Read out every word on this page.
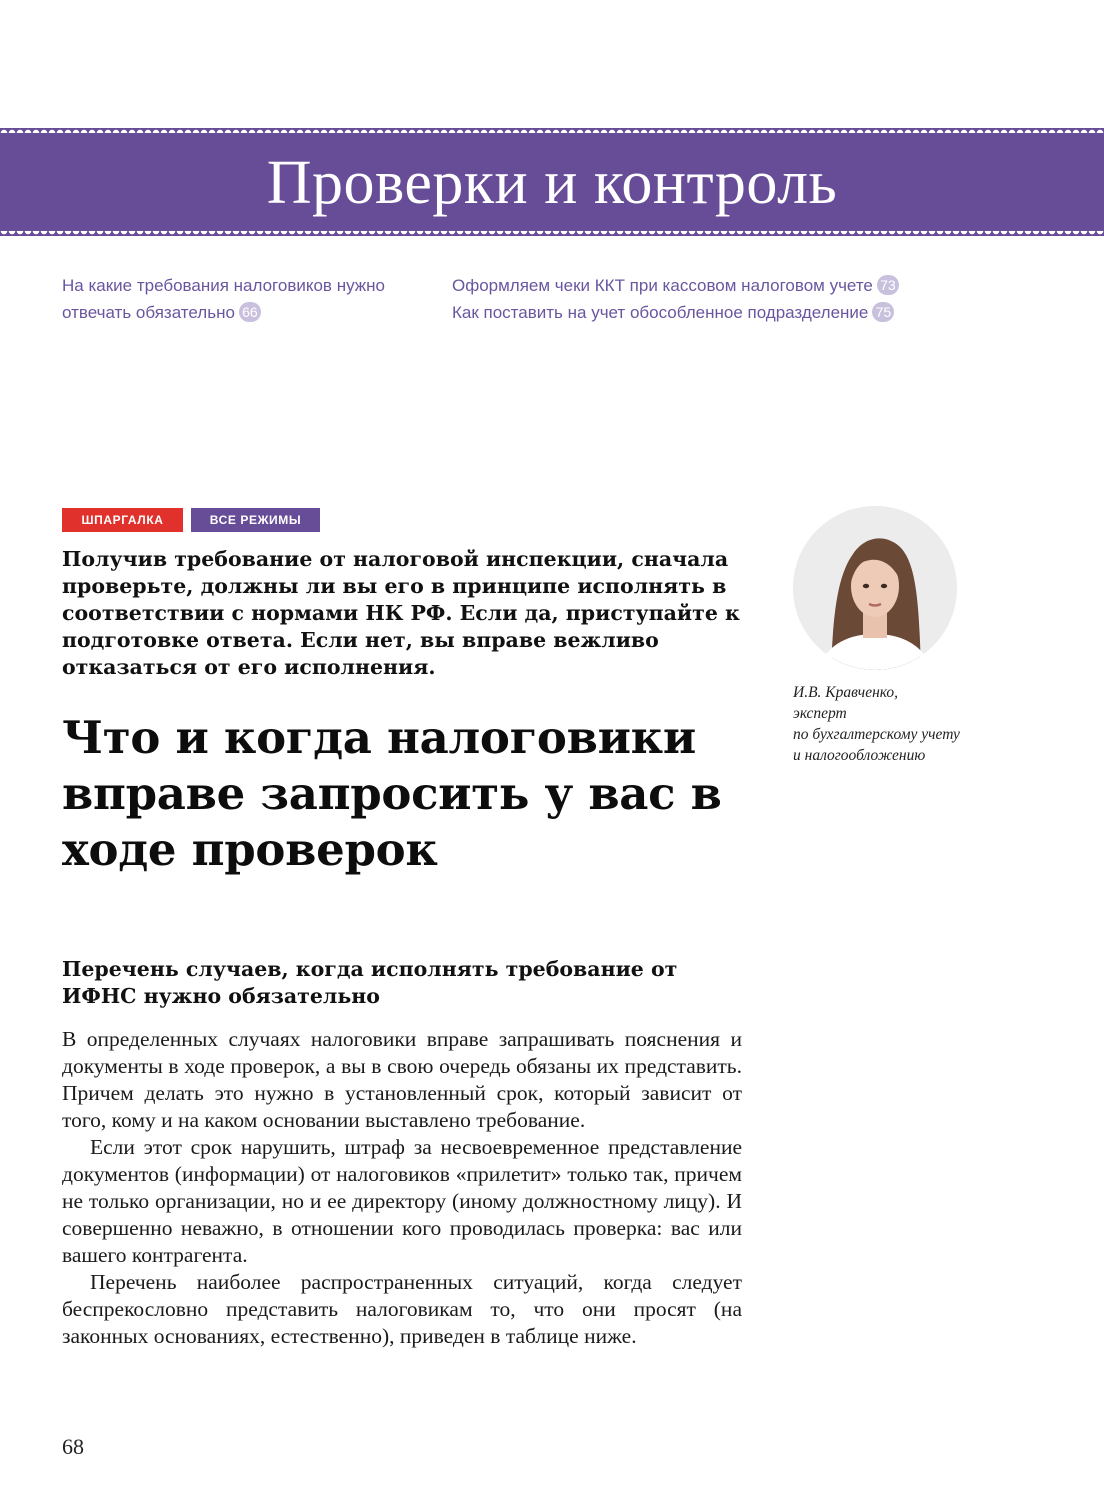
Проверки и контроль
На какие требования налоговиков нужно
отвечать обязательно 66
Оформляем чеки ККТ при кассовом налоговом учете 73
Как поставить на учет обособленное подразделение 75
ШПАРГАЛКА	ВСЕ РЕЖИМЫ
Получив требование от налоговой инспекции, сначала проверьте, должны ли вы его в принципе исполнять в соответствии с нормами НК РФ. Если да, приступайте к подготовке ответа. Если нет, вы вправе вежливо отказаться от его исполнения.
Что и когда налоговики вправе запросить у вас в ходе проверок
Перечень случаев, когда исполнять требование от ИФНС нужно обязательно

В определенных случаях налоговики вправе запрашивать пояснения и документы в ходе проверок, а вы в свою очередь обязаны их представить. Причем делать это нужно в установленный срок, который зависит от того, кому и на каком основании выставлено требование.

Если этот срок нарушить, штраф за несвоевременное представление документов (информации) от налоговиков «прилетит» только так, причем не только организации, но и ее директору (иному должностному лицу). И совершенно неважно, в отношении кого проводилась проверка: вас или вашего контрагента.

Перечень наиболее распространенных ситуаций, когда следует беспрекословно представить налоговикам то, что они просят (на законных основаниях, естественно), приведен в таблице ниже.

И.В. Кравченко,
эксперт
по бухгалтерскому учету
и налогообложению
68
